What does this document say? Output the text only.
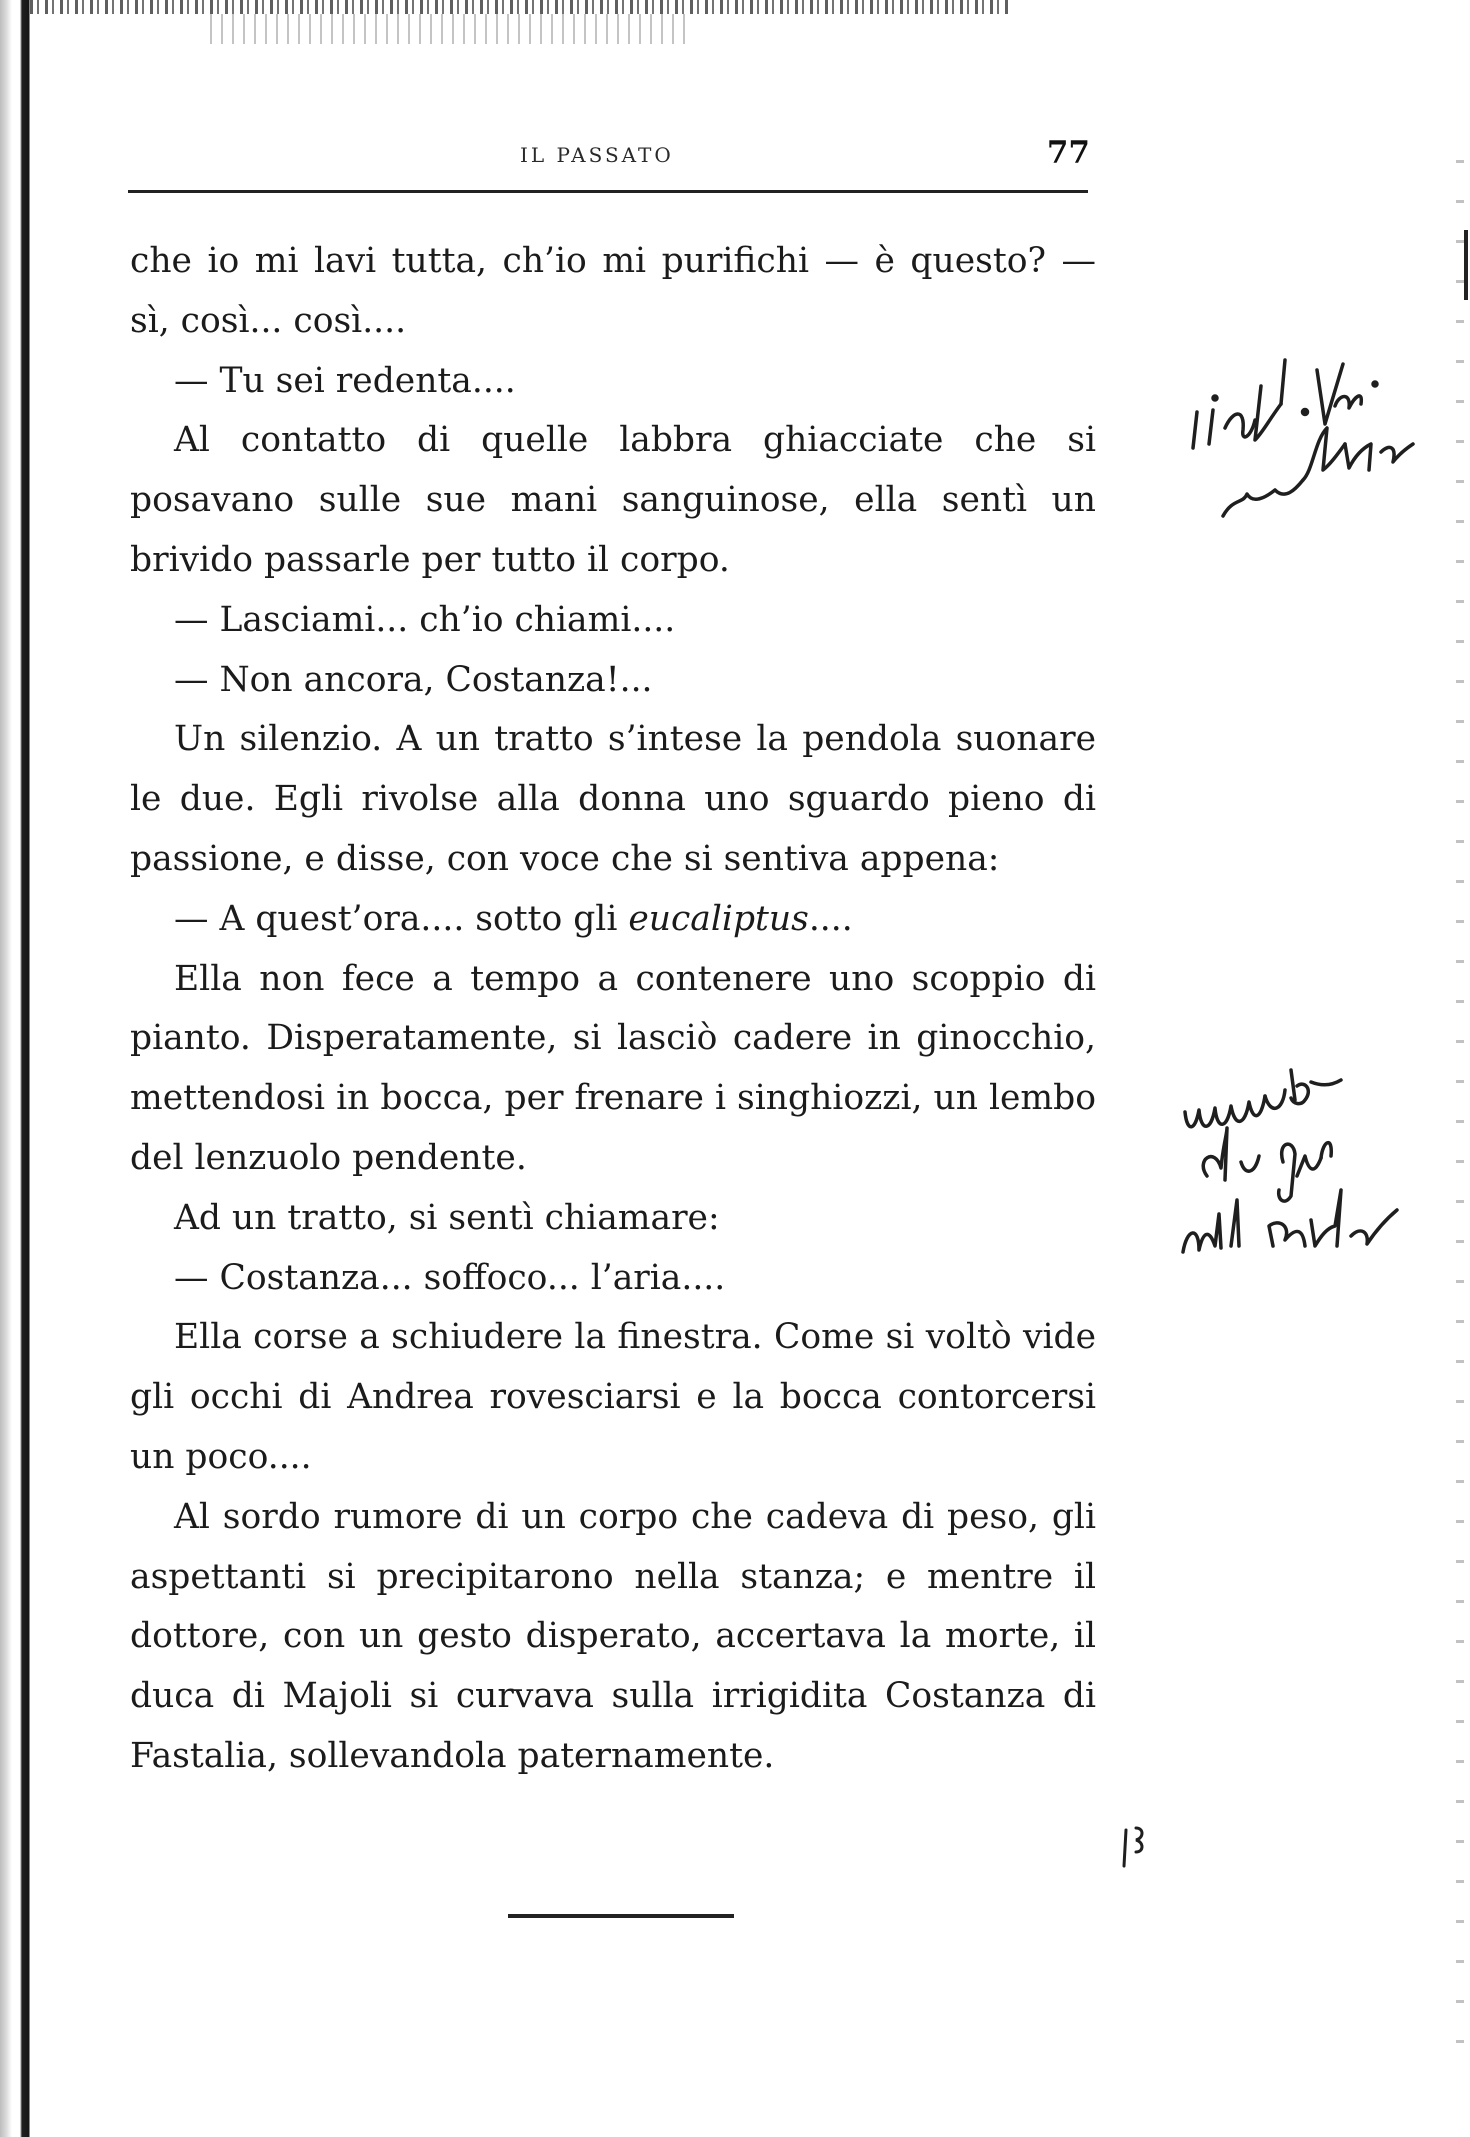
IL PASSATO	77

che io mi lavi tutta, ch’io mi purifichi — è questo? — sì, così... così....

— Tu sei redenta....

Al contatto di quelle labbra ghiacciate che si posavano sulle sue mani sanguinose, ella sentì un brivido passarle per tutto il corpo.

— Lasciami... ch’io chiami....

— Non ancora, Costanza!...

Un silenzio. A un tratto s’intese la pendola suonare le due. Egli rivolse alla donna uno sguardo pieno di passione, e disse, con voce che si sentiva appena:

— A quest’ora.... sotto gli eucaliptus....

Ella non fece a tempo a contenere uno scoppio di pianto. Disperatamente, si lasciò cadere in ginocchio, mettendosi in bocca, per frenare i singhiozzi, un lembo del lenzuolo pendente.

Ad un tratto, si sentì chiamare:

— Costanza... soffoco... l’aria....

Ella corse a schiudere la finestra. Come si voltò vide gli occhi di Andrea rovesciarsi e la bocca contorcersi un poco....

Al sordo rumore di un corpo che cadeva di peso, gli aspettanti si precipitarono nella stanza; e mentre il dottore, con un gesto disperato, accertava la morte, il duca di Majoli si curvava sulla irrigidita Costanza di Fastalia, sollevandola paternamente.
